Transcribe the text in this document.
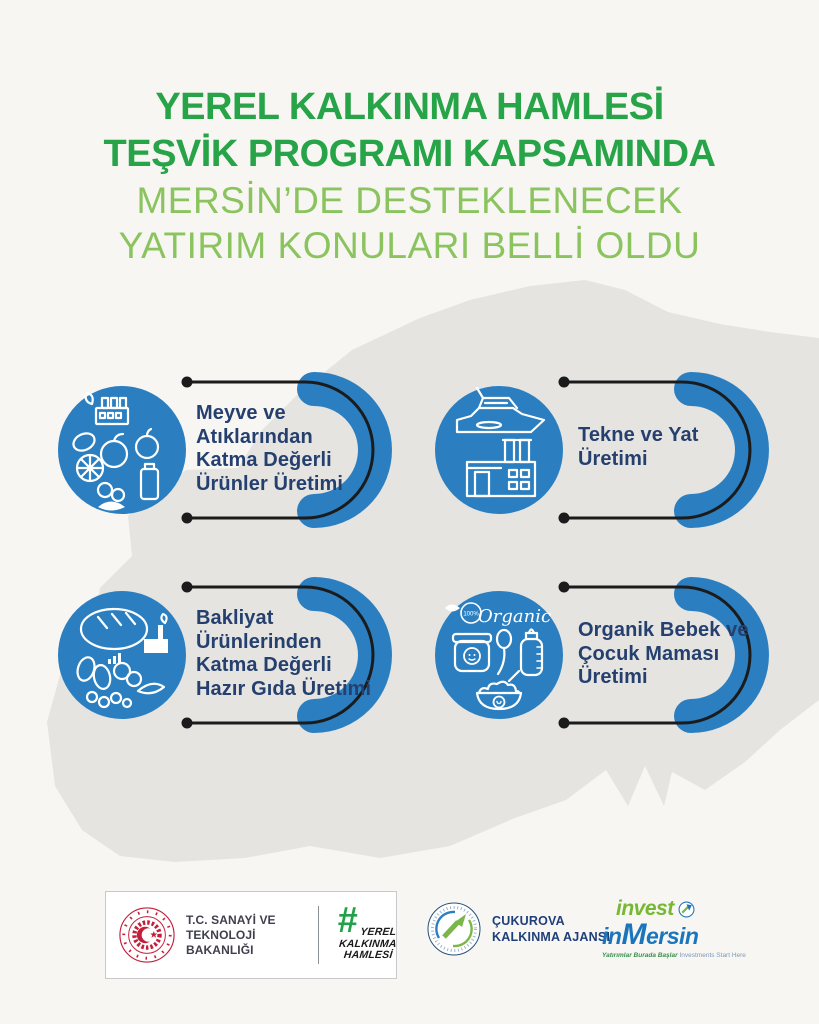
YEREL KALKINMA HAMLESİ
TEŞVİK PROGRAMI KAPSAMINDA
MERSİN’DE DESTEKLENECEK
YATIRIM KONULARI BELLİ OLDU
Meyve ve
Atıklarından
Katma Değerli
Ürünler Üretimi
Tekne ve Yat
Üretimi
Bakliyat
Ürünlerinden
Katma Değerli
Hazır Gıda Üretimi
100% Organic
Organik Bebek ve
Çocuk Maması
Üretimi
T.C. SANAYİ VE
TEKNOLOJİ BAKANLIĞI
# YEREL
KALKINMA
HAMLESİ
ÇUKUROVA
KALKINMA AJANSI
invest
inMersin
Yatırımlar Burada Başlar Investments Start Here
